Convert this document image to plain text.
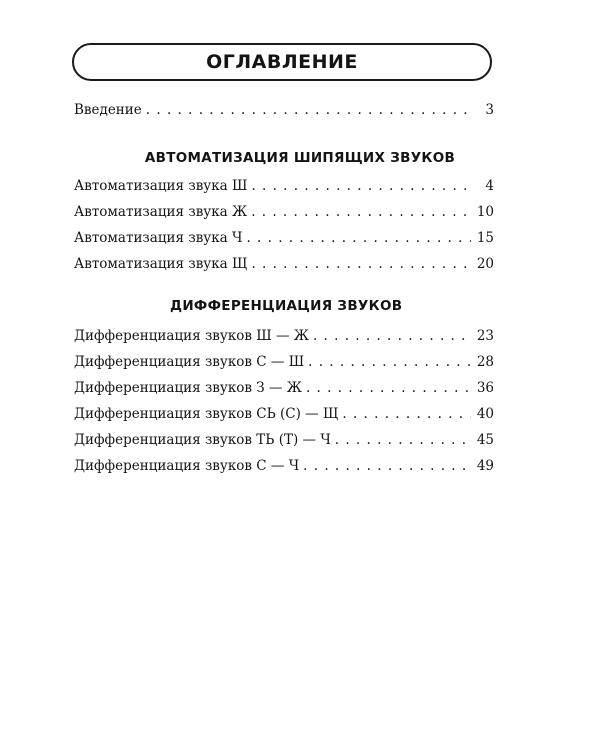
ОГЛАВЛЕНИЕ
Введение . . .	3
АВТОМАТИЗАЦИЯ ШИПЯЩИХ ЗВУКОВ
Автоматизация звука Ш . . .	4
Автоматизация звука Ж . . .	10
Автоматизация звука Ч . . .	15
Автоматизация звука Щ . . .	20
ДИФФЕРЕНЦИАЦИЯ ЗВУКОВ
Дифференциация звуков Ш — Ж . . .	23
Дифференциация звуков С — Ш . . .	28
Дифференциация звуков З — Ж . . .	36
Дифференциация звуков СЬ (С) — Щ . . .	40
Дифференциация звуков ТЬ (Т) — Ч . . .	45
Дифференциация звуков С — Ч . . .	49
